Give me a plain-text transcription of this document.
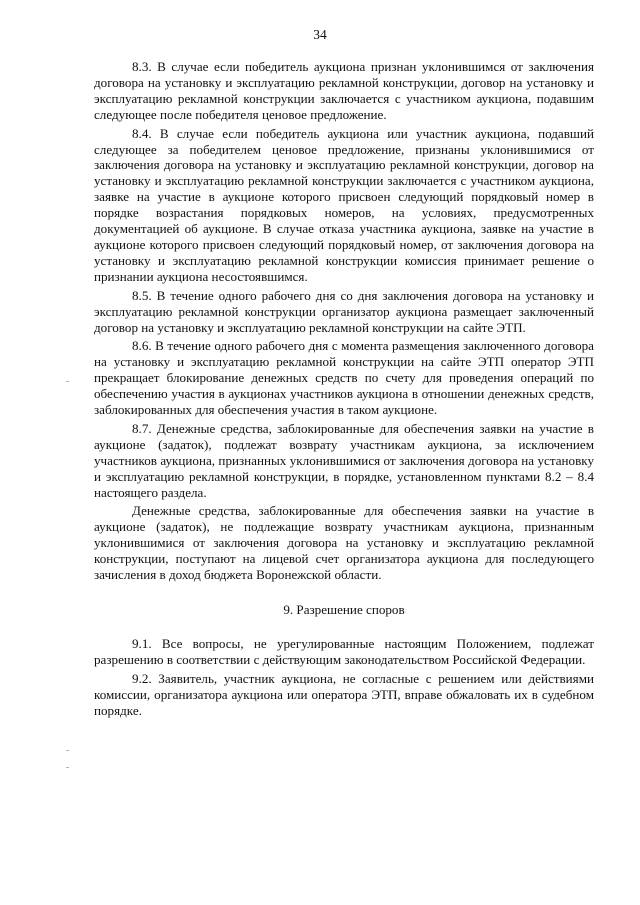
34

8.3. В случае если победитель аукциона признан уклонившимся от заключения договора на установку и эксплуатацию рекламной конструкции, договор на установку и эксплуатацию рекламной конструкции заключается с участником аукциона, подавшим следующее после победителя ценовое предложение.

8.4. В случае если победитель аукциона или участник аукциона, подавший следующее за победителем ценовое предложение, признаны уклонившимися от заключения договора на установку и эксплуатацию рекламной конструкции, договор на установку и эксплуатацию рекламной конструкции заключается с участником аукциона, заявке на участие в аукционе которого присвоен следующий порядковый номер в порядке возрастания порядковых номеров, на условиях, предусмотренных документацией об аукционе. В случае отказа участника аукциона, заявке на участие в аукционе которого присвоен следующий порядковый номер, от заключения договора на установку и эксплуатацию рекламной конструкции комиссия принимает решение о признании аукциона несостоявшимся.

8.5. В течение одного рабочего дня со дня заключения договора на установку и эксплуатацию рекламной конструкции организатор аукциона размещает заключенный договор на установку и эксплуатацию рекламной конструкции на сайте ЭТП.

8.6. В течение одного рабочего дня с момента размещения заключенного договора на установку и эксплуатацию рекламной конструкции на сайте ЭТП оператор ЭТП прекращает блокирование денежных средств по счету для проведения операций по обеспечению участия в аукционах участников аукциона в отношении денежных средств, заблокированных для обеспечения участия в таком аукционе.

8.7. Денежные средства, заблокированные для обеспечения заявки на участие в аукционе (задаток), подлежат возврату участникам аукциона, за исключением участников аукциона, признанных уклонившимися от заключения договора на установку и эксплуатацию рекламной конструкции, в порядке, установленном пунктами 8.2 – 8.4 настоящего раздела.

Денежные средства, заблокированные для обеспечения заявки на участие в аукционе (задаток), не подлежащие возврату участникам аукциона, признанным уклонившимися от заключения договора на установку и эксплуатацию рекламной конструкции, поступают на лицевой счет организатора аукциона для последующего зачисления в доход бюджета Воронежской области.

9. Разрешение споров

9.1. Все вопросы, не урегулированные настоящим Положением, подлежат разрешению в соответствии с действующим законодательством Российской Федерации.

9.2. Заявитель, участник аукциона, не согласные с решением или действиями комиссии, организатора аукциона или оператора ЭТП, вправе обжаловать их в судебном порядке.
